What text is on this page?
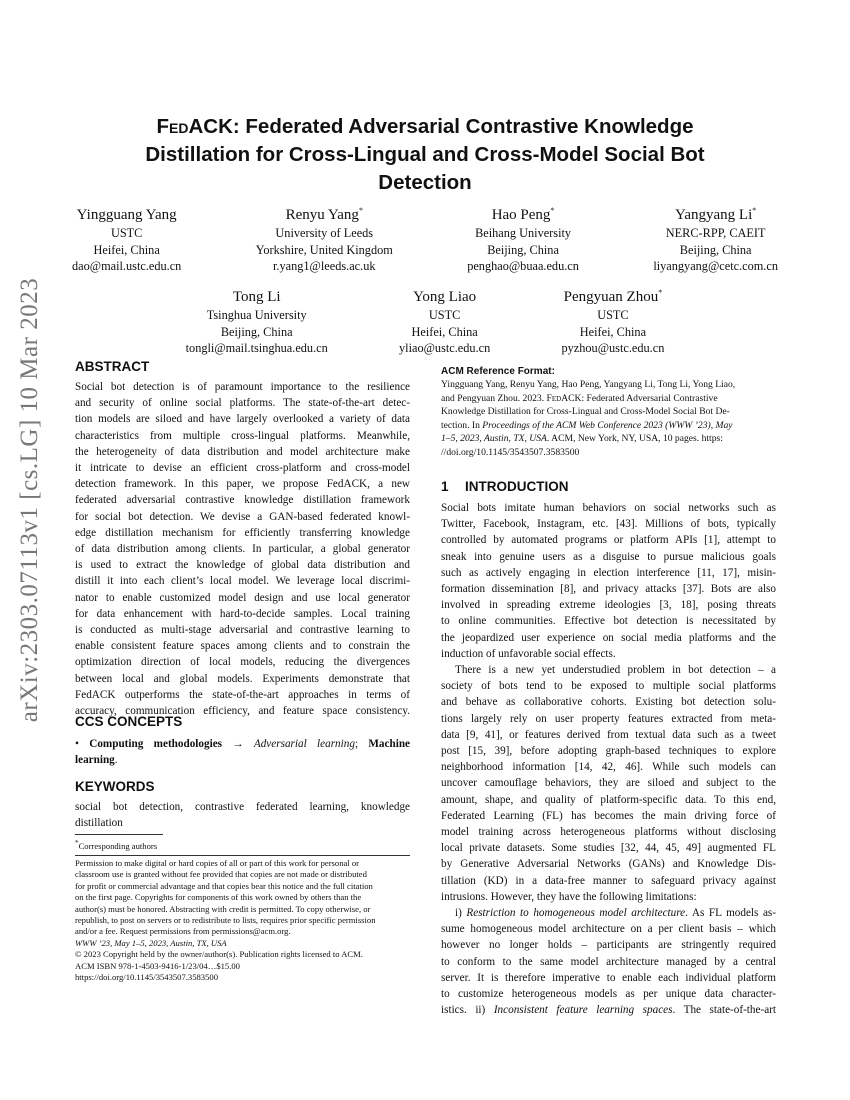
arXiv:2303.07113v1 [cs.LG] 10 Mar 2023
FedACK: Federated Adversarial Contrastive Knowledge
Distillation for Cross-Lingual and Cross-Model Social Bot
Detection
Yingguang Yang
USTC
Heifei, China
dao@mail.ustc.edu.cn
Renyu Yang*
University of Leeds
Yorkshire, United Kingdom
r.yang1@leeds.ac.uk
Hao Peng*
Beihang University
Beijing, China
penghao@buaa.edu.cn
Yangyang Li*
NERC-RPP, CAEIT
Beijing, China
liyangyang@cetc.com.cn
Tong Li
Tsinghua University
Beijing, China
tongli@mail.tsinghua.edu.cn
Yong Liao
USTC
Heifei, China
yliao@ustc.edu.cn
Pengyuan Zhou*
USTC
Heifei, China
pyzhou@ustc.edu.cn
ABSTRACT
Social bot detection is of paramount importance to the resilience
and security of online social platforms. The state-of-the-art detec-
tion models are siloed and have largely overlooked a variety of data
characteristics from multiple cross-lingual platforms. Meanwhile,
the heterogeneity of data distribution and model architecture make
it intricate to devise an efficient cross-platform and cross-model
detection framework. In this paper, we propose FedACK, a new
federated adversarial contrastive knowledge distillation framework
for social bot detection. We devise a GAN-based federated knowl-
edge distillation mechanism for efficiently transferring knowledge
of data distribution among clients. In particular, a global generator
is used to extract the knowledge of global data distribution and
distill it into each client’s local model. We leverage local discrimi-
nator to enable customized model design and use local generator
for data enhancement with hard-to-decide samples. Local training
is conducted as multi-stage adversarial and contrastive learning to
enable consistent feature spaces among clients and to constrain the
optimization direction of local models, reducing the divergences
between local and global models. Experiments demonstrate that
FedACK outperforms the state-of-the-art approaches in terms of
accuracy, communication efficiency, and feature space consistency.
CCS CONCEPTS
• Computing methodologies → Adversarial learning; Machine
learning.
KEYWORDS
social bot detection, contrastive federated learning, knowledge
distillation
*Corresponding authors
Permission to make digital or hard copies of all or part of this work for personal or
classroom use is granted without fee provided that copies are not made or distributed
for profit or commercial advantage and that copies bear this notice and the full citation
on the first page. Copyrights for components of this work owned by others than the
author(s) must be honored. Abstracting with credit is permitted. To copy otherwise, or
republish, to post on servers or to redistribute to lists, requires prior specific permission
and/or a fee. Request permissions from permissions@acm.org.
WWW ’23, May 1–5, 2023, Austin, TX, USA
© 2023 Copyright held by the owner/author(s). Publication rights licensed to ACM.
ACM ISBN 978-1-4503-9416-1/23/04…$15.00
https://doi.org/10.1145/3543507.3583500
ACM Reference Format:
Yingguang Yang, Renyu Yang, Hao Peng, Yangyang Li, Tong Li, Yong Liao,
and Pengyuan Zhou. 2023. FedACK: Federated Adversarial Contrastive
Knowledge Distillation for Cross-Lingual and Cross-Model Social Bot De-
tection. In Proceedings of the ACM Web Conference 2023 (WWW ’23), May
1–5, 2023, Austin, TX, USA. ACM, New York, NY, USA, 10 pages. https:
//doi.org/10.1145/3543507.3583500
1 INTRODUCTION
Social bots imitate human behaviors on social networks such as
Twitter, Facebook, Instagram, etc. [43]. Millions of bots, typically
controlled by automated programs or platform APIs [1], attempt to
sneak into genuine users as a disguise to pursue malicious goals
such as actively engaging in election interference [11, 17], misin-
formation dissemination [8], and privacy attacks [37]. Bots are also
involved in spreading extreme ideologies [3, 18], posing threats
to online communities. Effective bot detection is necessitated by
the jeopardized user experience on social media platforms and the
induction of unfavorable social effects.
There is a new yet understudied problem in bot detection – a
society of bots tend to be exposed to multiple social platforms
and behave as collaborative cohorts. Existing bot detection solu-
tions largely rely on user property features extracted from meta-
data [9, 41], or features derived from textual data such as a tweet
post [15, 39], before adopting graph-based techniques to explore
neighborhood information [14, 42, 46]. While such models can
uncover camouflage behaviors, they are siloed and subject to the
amount, shape, and quality of platform-specific data. To this end,
Federated Learning (FL) has becomes the main driving force of
model training across heterogeneous platforms without disclosing
local private datasets. Some studies [32, 44, 45, 49] augmented FL
by Generative Adversarial Networks (GANs) and Knowledge Dis-
tillation (KD) in a data-free manner to safeguard privacy against
intrusions. However, they have the following limitations:
i) Restriction to homogeneous model architecture. As FL models as-
sume homogeneous model architecture on a per client basis – which
however no longer holds – participants are stringently required
to conform to the same model architecture managed by a central
server. It is therefore imperative to enable each individual platform
to customize heterogeneous models as per unique data character-
istics. ii) Inconsistent feature learning spaces. The state-of-the-art
